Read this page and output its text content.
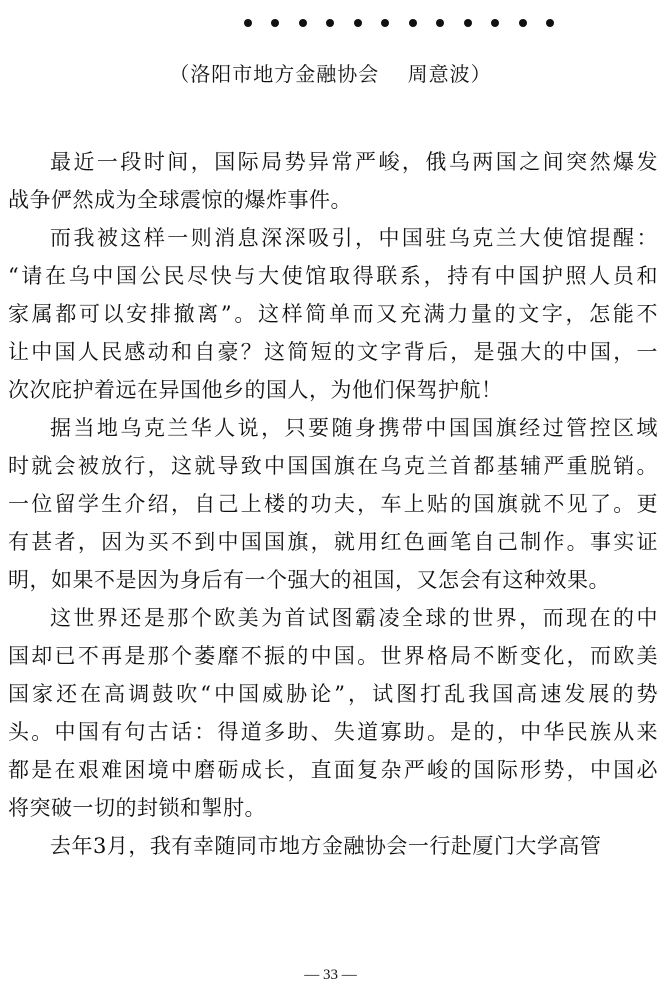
（洛阳市地方金融协会　 周意波）
最近一段时间，国际局势异常严峻，俄乌两国之间突然爆发
战争俨然成为全球震惊的爆炸事件。
而我被这样一则消息深深吸引，中国驻乌克兰大使馆提醒：
“请在乌中国公民尽快与大使馆取得联系，持有中国护照人员和
家属都可以安排撤离”。这样简单而又充满力量的文字，怎能不
让中国人民感动和自豪？这简短的文字背后，是强大的中国，一
次次庇护着远在异国他乡的国人，为他们保驾护航！
据当地乌克兰华人说，只要随身携带中国国旗经过管控区域
时就会被放行，这就导致中国国旗在乌克兰首都基辅严重脱销。
一位留学生介绍，自己上楼的功夫，车上贴的国旗就不见了。更
有甚者，因为买不到中国国旗，就用红色画笔自己制作。事实证
明，如果不是因为身后有一个强大的祖国，又怎会有这种效果。
这世界还是那个欧美为首试图霸凌全球的世界，而现在的中
国却已不再是那个萎靡不振的中国。世界格局不断变化，而欧美
国家还在高调鼓吹“中国威胁论”，试图打乱我国高速发展的势
头。中国有句古话：得道多助、失道寡助。是的，中华民族从来
都是在艰难困境中磨砺成长，直面复杂严峻的国际形势，中国必
将突破一切的封锁和掣肘。
去年3月，我有幸随同市地方金融协会一行赴厦门大学高管
— 33 —
